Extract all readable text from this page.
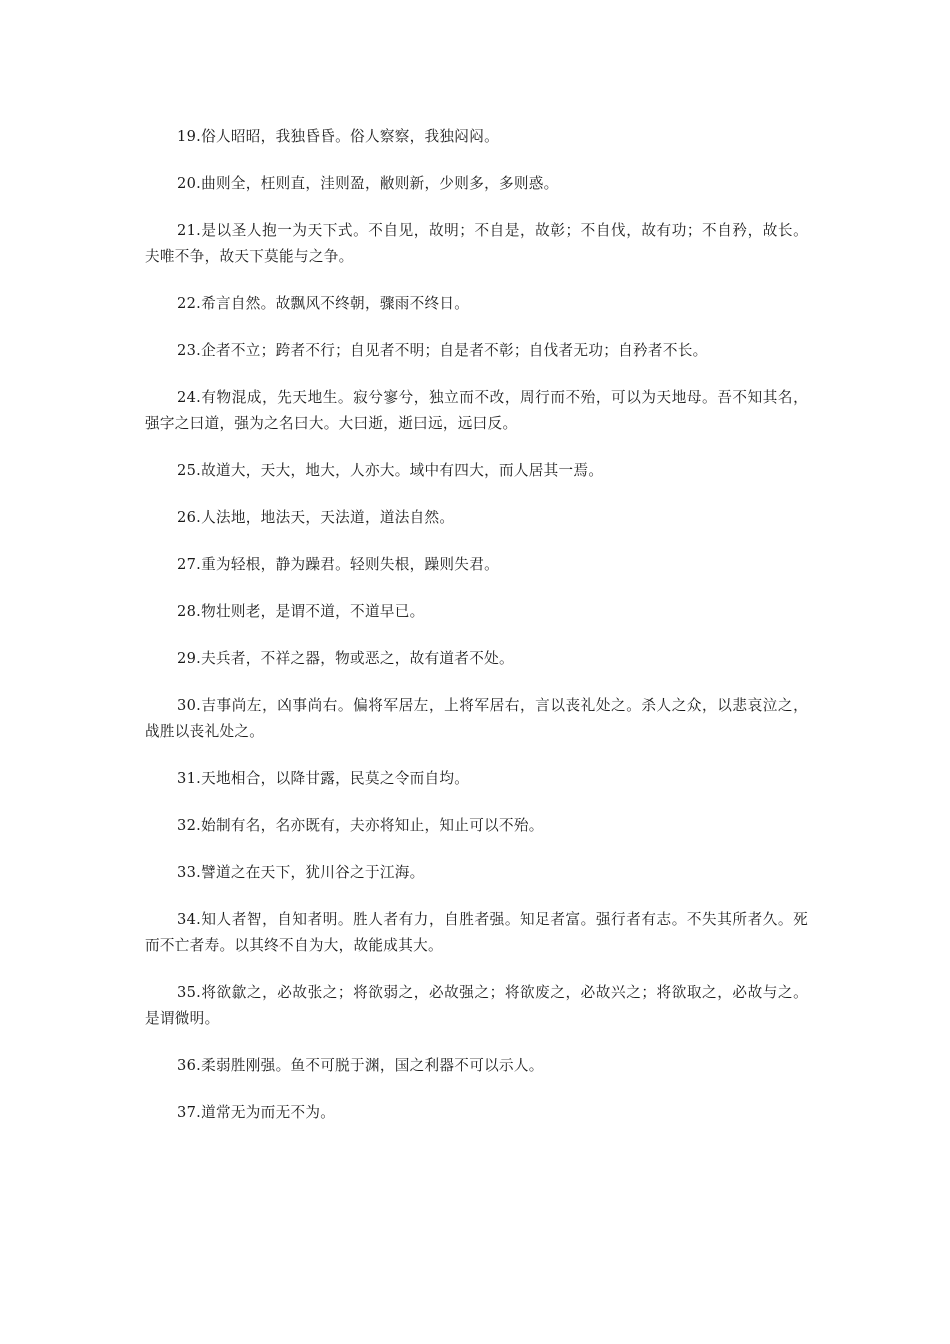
19.俗人昭昭，我独昏昏。俗人察察，我独闷闷。

20.曲则全，枉则直，洼则盈，敝则新，少则多，多则惑。

21.是以圣人抱一为天下式。不自见，故明；不自是，故彰；不自伐，故有功；不自矜，故长。夫唯不争，故天下莫能与之争。

22.希言自然。故飘风不终朝，骤雨不终日。

23.企者不立；跨者不行；自见者不明；自是者不彰；自伐者无功；自矜者不长。

24.有物混成，先天地生。寂兮寥兮，独立而不改，周行而不殆，可以为天地母。吾不知其名，强字之曰道，强为之名曰大。大曰逝，逝曰远，远曰反。

25.故道大，天大，地大，人亦大。域中有四大，而人居其一焉。

26.人法地，地法天，天法道，道法自然。

27.重为轻根，静为躁君。轻则失根，躁则失君。

28.物壮则老，是谓不道，不道早已。

29.夫兵者，不祥之器，物或恶之，故有道者不处。

30.吉事尚左，凶事尚右。偏将军居左，上将军居右，言以丧礼处之。杀人之众，以悲哀泣之，战胜以丧礼处之。

31.天地相合，以降甘露，民莫之令而自均。

32.始制有名，名亦既有，夫亦将知止，知止可以不殆。

33.譬道之在天下，犹川谷之于江海。

34.知人者智，自知者明。胜人者有力，自胜者强。知足者富。强行者有志。不失其所者久。死而不亡者寿。以其终不自为大，故能成其大。

35.将欲歙之，必故张之；将欲弱之，必故强之；将欲废之，必故兴之；将欲取之，必故与之。是谓微明。

36.柔弱胜刚强。鱼不可脱于渊，国之利器不可以示人。

37.道常无为而无不为。
